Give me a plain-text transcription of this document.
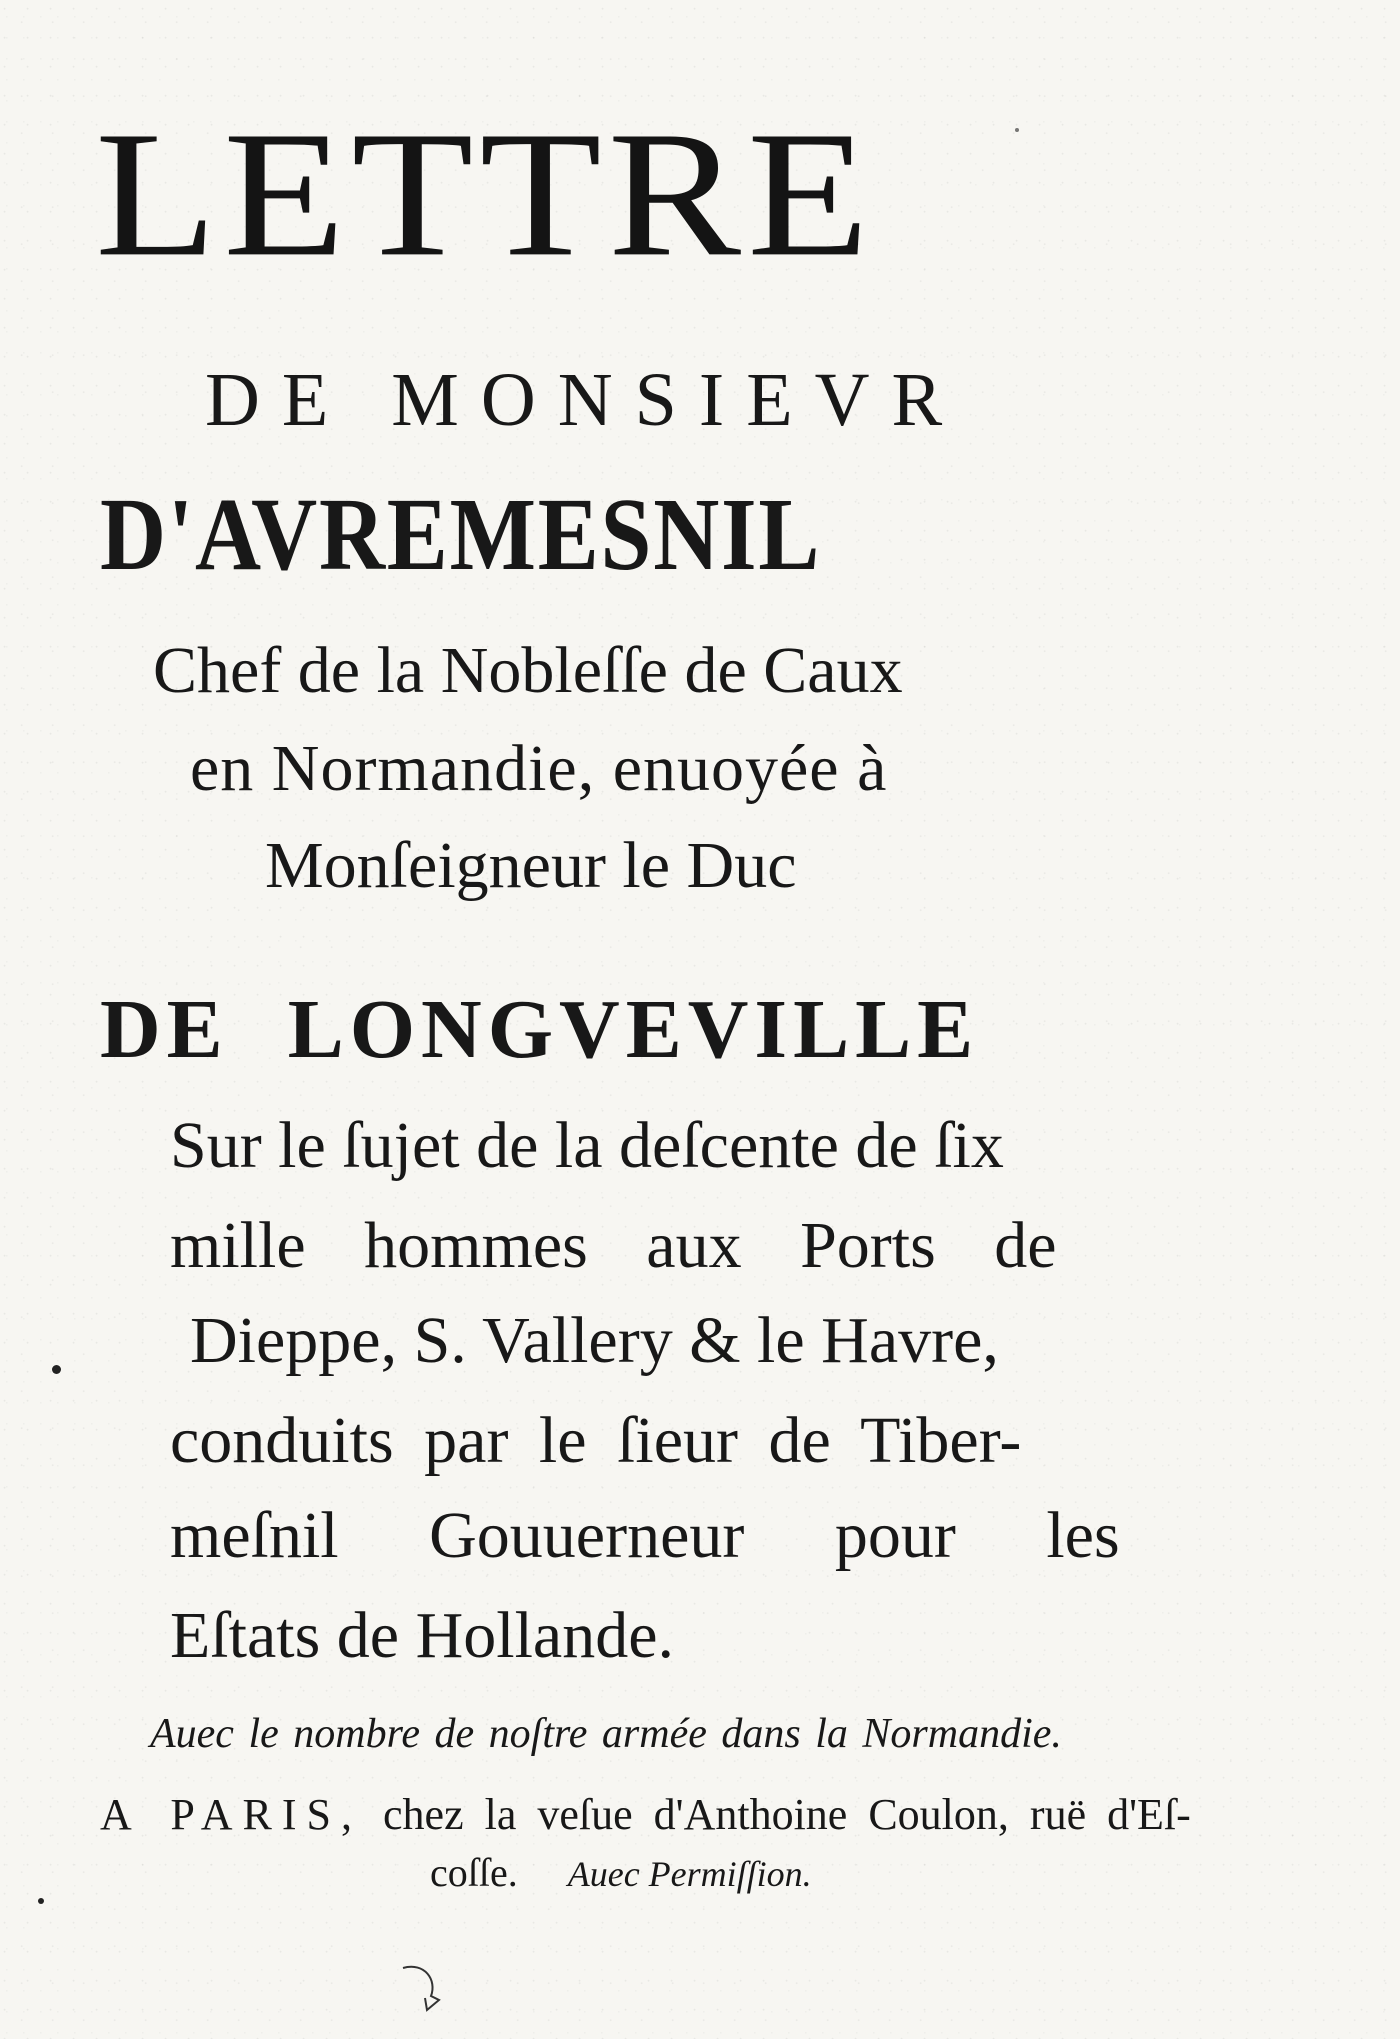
LETTRE
DE MONSIEVR
D'AVREMESNIL
Chef de la Nobleſſe de Caux
en Normandie, enuoyée à
Monſeigneur le Duc
DE LONGVEVILLE
Sur le ſujet de la deſcente de ſix
mille hommes aux Ports de
Dieppe, S. Vallery & le Havre,
conduits par le ſieur de Tiber-
meſnil Gouuerneur pour les
Eſtats de Hollande.
Auec le nombre de noſtre armée dans la Normandie.
A PARIS, chez la veſue d'Anthoine Coulon, ruë d'Eſ-
coſſe. Auec Permiſſion.
